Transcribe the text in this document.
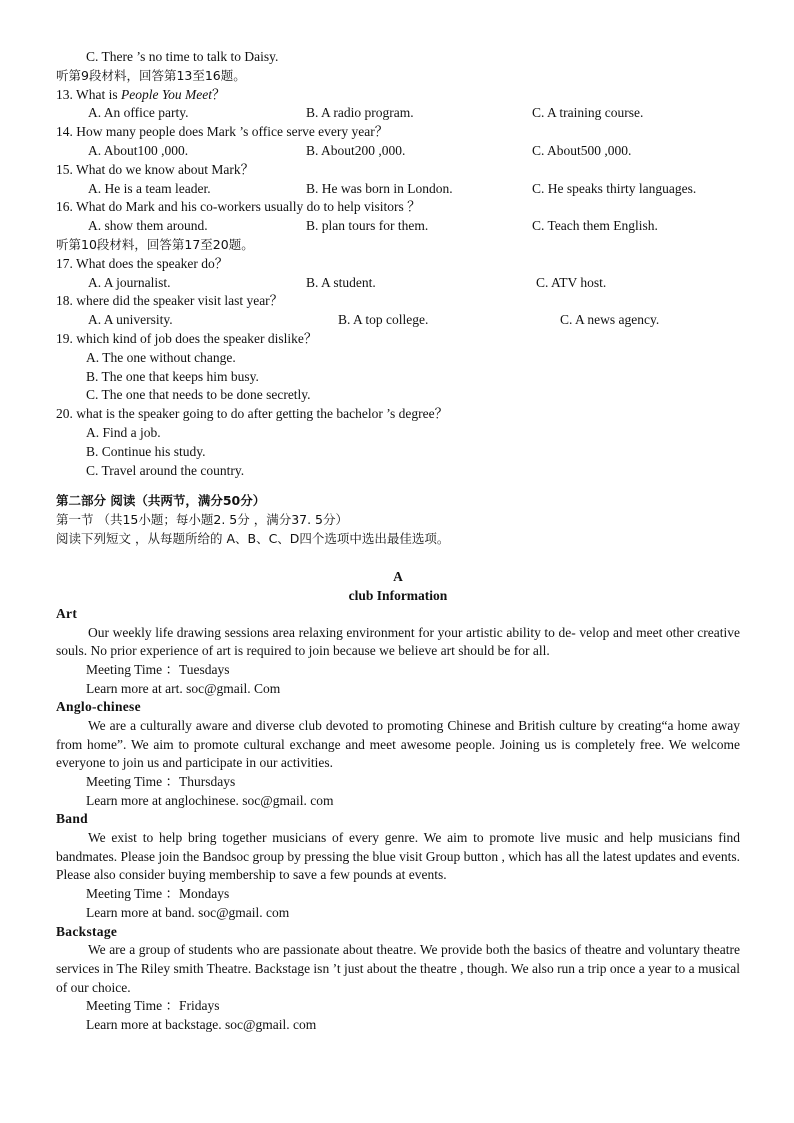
C. There ’s no time to talk to Daisy.
听第9段材料，回答第13至16题。
13. What is People You Meet？
A. An office party.	B. A radio program.	C. A training course.
14. How many people does Mark ’s office serve every year？
A. About100 ,000.	B. About200 ,000.	C. About500 ,000.
15. What do we know about Mark？
A. He is a team leader.	B. He was born in London.	C. He speaks thirty languages.
16. What do Mark and his co-workers usually do to help visitors ？
A. show them around.	B. plan tours for them.	C. Teach them English.
听第10段材料，回答第17至20题。
17. What does the speaker do？
A. A journalist.	B. A student.	C. ATV host.
18. where did the speaker visit last year？
A. A university.	B. A top college.	C. A news agency.
19. which kind of job does the speaker dislike？
A. The one without change.
B. The one that keeps him busy.
C. The one that needs to be done secretly.
20. what is the speaker going to do after getting the bachelor ’s degree？
A. Find a job.
B. Continue his study.
C. Travel around the country.
第二部分 阅读（共两节，满分50分）
第一节 （共15小题；每小题2. 5分 ，满分37. 5分）
阅读下列短文 ，从每题所给的 A、B、C、D四个选项中选出最佳选项。
A
club Information
Art

Our weekly life drawing sessions area relaxing environment for your artistic ability to de- velop and meet other creative souls. No prior experience of art is required to join because we believe art should be for all.

Meeting Time ：Tuesdays
Learn more at art. soc@gmail. Com
Anglo-chinese

We are a culturally aware and diverse club devoted to promoting Chinese and British culture by creating“a home away from home”. We aim to promote cultural exchange and meet awesome people. Joining us is completely free. We welcome everyone to join us and participate in our activities.

Meeting Time ：Thursdays
Learn more at anglochinese. soc@gmail. com
Band

We exist to help bring together musicians of every genre. We aim to promote live music and help musicians find bandmates. Please join the Bandsoc group by pressing the blue visit Group button , which has all the latest updates and events. Please also consider buying membership to save a few pounds at events.

Meeting Time ：Mondays
Learn more at band. soc@gmail. com
Backstage

We are a group of students who are passionate about theatre. We provide both the basics of theatre and voluntary theatre services in The Riley smith Theatre. Backstage isn ’t just about the theatre , though. We also run a trip once a year to a musical of our choice.

Meeting Time ：Fridays
Learn more at backstage. soc@gmail. com
